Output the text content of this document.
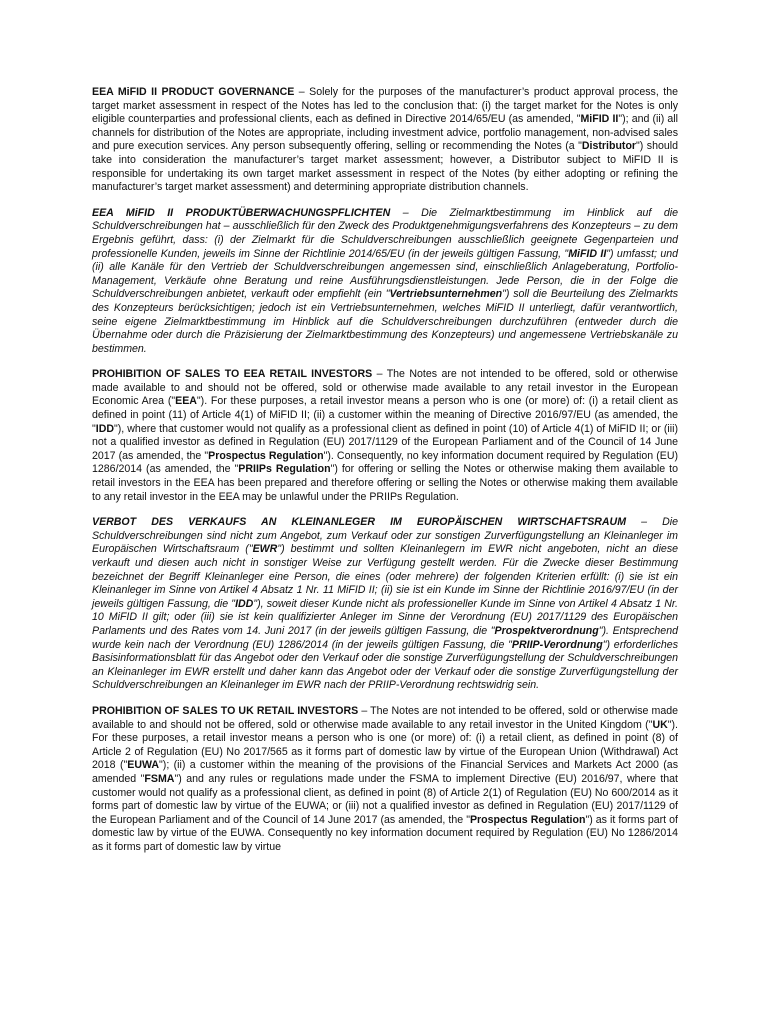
EEA MiFID II PRODUCT GOVERNANCE – Solely for the purposes of the manufacturer’s product approval process, the target market assessment in respect of the Notes has led to the conclusion that: (i) the target market for the Notes is only eligible counterparties and professional clients, each as defined in Directive 2014/65/EU (as amended, "MiFID II"); and (ii) all channels for distribution of the Notes are appropriate, including investment advice, portfolio management, non-advised sales and pure execution services. Any person subsequently offering, selling or recommending the Notes (a "Distributor") should take into consideration the manufacturer’s target market assessment; however, a Distributor subject to MiFID II is responsible for undertaking its own target market assessment in respect of the Notes (by either adopting or refining the manufacturer’s target market assessment) and determining appropriate distribution channels.

EEA MiFID II PRODUKTÜBERWACHUNGSPFLICHTEN – Die Zielmarktbestimmung im Hinblick auf die Schuldverschreibungen hat – ausschließlich für den Zweck des Produktgenehmigungsverfahrens des Konzepteurs – zu dem Ergebnis geführt, dass: (i) der Zielmarkt für die Schuldverschreibungen ausschließlich geeignete Gegenparteien und professionelle Kunden, jeweils im Sinne der Richtlinie 2014/65/EU (in der jeweils gültigen Fassung, "MiFID II") umfasst; und (ii) alle Kanäle für den Vertrieb der Schuldverschreibungen angemessen sind, einschließlich Anlageberatung, Portfolio-Management, Verkäufe ohne Beratung und reine Ausführungsdienstleistungen. Jede Person, die in der Folge die Schuldverschreibungen anbietet, verkauft oder empfiehlt (ein "Vertriebsunternehmen") soll die Beurteilung des Zielmarkts des Konzepteurs berücksichtigen; jedoch ist ein Vertriebsunternehmen, welches MiFID II unterliegt, dafür verantwortlich, seine eigene Zielmarktbestimmung im Hinblick auf die Schuldverschreibungen durchzuführen (entweder durch die Übernahme oder durch die Präzisierung der Zielmarktbestimmung des Konzepteurs) und angemessene Vertriebskanäle zu bestimmen.

PROHIBITION OF SALES TO EEA RETAIL INVESTORS – The Notes are not intended to be offered, sold or otherwise made available to and should not be offered, sold or otherwise made available to any retail investor in the European Economic Area ("EEA"). For these purposes, a retail investor means a person who is one (or more) of: (i) a retail client as defined in point (11) of Article 4(1) of MiFID II; (ii) a customer within the meaning of Directive 2016/97/EU (as amended, the "IDD"), where that customer would not qualify as a professional client as defined in point (10) of Article 4(1) of MiFID II; or (iii) not a qualified investor as defined in Regulation (EU) 2017/1129 of the European Parliament and of the Council of 14 June 2017 (as amended, the "Prospectus Regulation"). Consequently, no key information document required by Regulation (EU) 1286/2014 (as amended, the "PRIIPs Regulation") for offering or selling the Notes or otherwise making them available to retail investors in the EEA has been prepared and therefore offering or selling the Notes or otherwise making them available to any retail investor in the EEA may be unlawful under the PRIIPs Regulation.

VERBOT DES VERKAUFS AN KLEINANLEGER IM EUROPÄISCHEN WIRTSCHAFTSRAUM – Die Schuldverschreibungen sind nicht zum Angebot, zum Verkauf oder zur sonstigen Zurverfügungstellung an Kleinanleger im Europäischen Wirtschaftsraum ("EWR") bestimmt und sollten Kleinanlegern im EWR nicht angeboten, nicht an diese verkauft und diesen auch nicht in sonstiger Weise zur Verfügung gestellt werden. Für die Zwecke dieser Bestimmung bezeichnet der Begriff Kleinanleger eine Person, die eines (oder mehrere) der folgenden Kriterien erfüllt: (i) sie ist ein Kleinanleger im Sinne von Artikel 4 Absatz 1 Nr. 11 MiFID II; (ii) sie ist ein Kunde im Sinne der Richtlinie 2016/97/EU (in der jeweils gültigen Fassung, die "IDD"), soweit dieser Kunde nicht als professioneller Kunde im Sinne von Artikel 4 Absatz 1 Nr. 10 MiFID II gilt; oder (iii) sie ist kein qualifizierter Anleger im Sinne der Verordnung (EU) 2017/1129 des Europäischen Parlaments und des Rates vom 14. Juni 2017 (in der jeweils gültigen Fassung, die "Prospektverordnung"). Entsprechend wurde kein nach der Verordnung (EU) 1286/2014 (in der jeweils gültigen Fassung, die "PRIIP-Verordnung") erforderliches Basisinformationsblatt für das Angebot oder den Verkauf oder die sonstige Zurverfügungstellung der Schuldverschreibungen an Kleinanleger im EWR erstellt und daher kann das Angebot oder der Verkauf oder die sonstige Zurverfügungstellung der Schuldverschreibungen an Kleinanleger im EWR nach der PRIIP-Verordnung rechtswidrig sein.

PROHIBITION OF SALES TO UK RETAIL INVESTORS – The Notes are not intended to be offered, sold or otherwise made available to and should not be offered, sold or otherwise made available to any retail investor in the United Kingdom ("UK"). For these purposes, a retail investor means a person who is one (or more) of: (i) a retail client, as defined in point (8) of Article 2 of Regulation (EU) No 2017/565 as it forms part of domestic law by virtue of the European Union (Withdrawal) Act 2018 ("EUWA"); (ii) a customer within the meaning of the provisions of the Financial Services and Markets Act 2000 (as amended "FSMA") and any rules or regulations made under the FSMA to implement Directive (EU) 2016/97, where that customer would not qualify as a professional client, as defined in point (8) of Article 2(1) of Regulation (EU) No 600/2014 as it forms part of domestic law by virtue of the EUWA; or (iii) not a qualified investor as defined in Regulation (EU) 2017/1129 of the European Parliament and of the Council of 14 June 2017 (as amended, the "Prospectus Regulation") as it forms part of domestic law by virtue of the EUWA. Consequently no key information document required by Regulation (EU) No 1286/2014 as it forms part of domestic law by virtue
